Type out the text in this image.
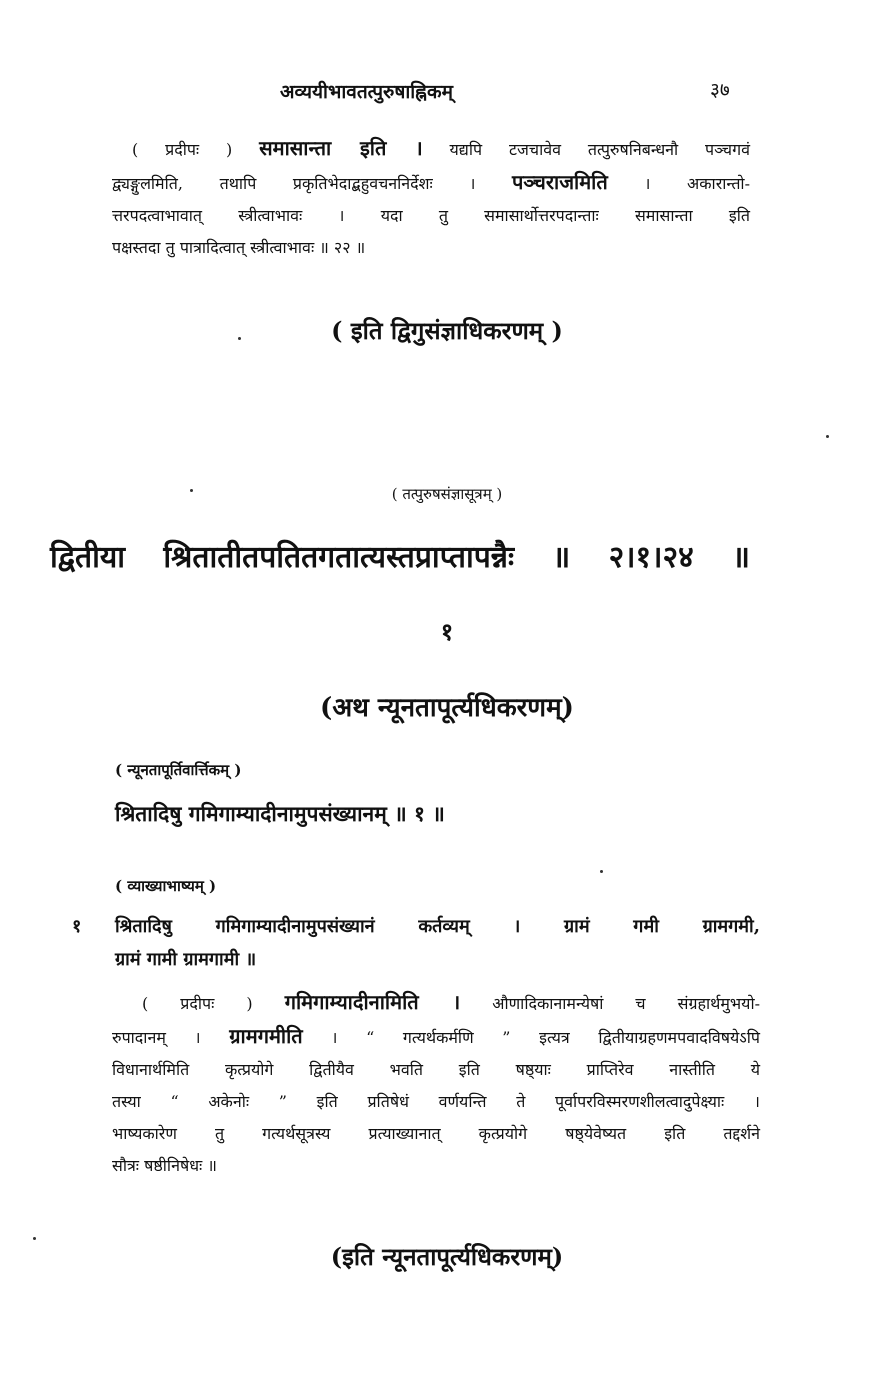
अव्ययीभावतत्पुरुषाह्निकम्	३७
( प्रदीपः ) समासान्ता इति । यद्यपि टजचावेव तत्पुरुषनिबन्धनौ पञ्चगवं
द्व्यङ्गुलमिति, तथापि प्रकृतिभेदाद्बहुवचननिर्देशः । पञ्चराजमिति । अकारान्तो-
त्तरपदत्वाभावात् स्त्रीत्वाभावः । यदा तु समासार्थोत्तरपदान्ताः समासान्ता इति
पक्षस्तदा तु पात्रादित्वात् स्त्रीत्वाभावः ॥ २२ ॥
( इति द्विगुसंज्ञाधिकरणम् )
( तत्पुरुषसंज्ञासूत्रम् )
द्वितीया श्रितातीतपतितगतात्यस्तप्राप्तापन्नैः ॥ २।१।२४ ॥
१
(अथ न्यूनतापूर्त्यधिकरणम्)
( न्यूनतापूर्तिवार्त्तिकम् )
श्रितादिषु गमिगाम्यादीनामुपसंख्यानम् ॥ १ ॥
( व्याख्याभाष्यम् )
१ श्रितादिषु गमिगाम्यादीनामुपसंख्यानं कर्तव्यम् । ग्रामं गमी ग्रामगमी,
ग्रामं गामी ग्रामगामी ॥
( प्रदीपः ) गमिगाम्यादीनामिति । औणादिकानामन्येषां च संग्रहार्थमुभयो-
रुपादानम् । ग्रामगमीति । “ गत्यर्थकर्मणि ” इत्यत्र द्वितीयाग्रहणमपवादविषयेऽपि
विधानार्थमिति कृत्प्रयोगे द्वितीयैव भवति इति षष्ठ्याः प्राप्तिरेव नास्तीति ये
तस्या “ अकेनोः ” इति प्रतिषेधं वर्णयन्ति ते पूर्वापरविस्मरणशीलत्वादुपेक्ष्याः ।
भाष्यकारेण तु गत्यर्थसूत्रस्य प्रत्याख्यानात् कृत्प्रयोगे षष्ठ्येवेष्यत इति तद्दर्शने
सौत्रः षष्ठीनिषेधः ॥
(इति न्यूनतापूर्त्यधिकरणम्)
